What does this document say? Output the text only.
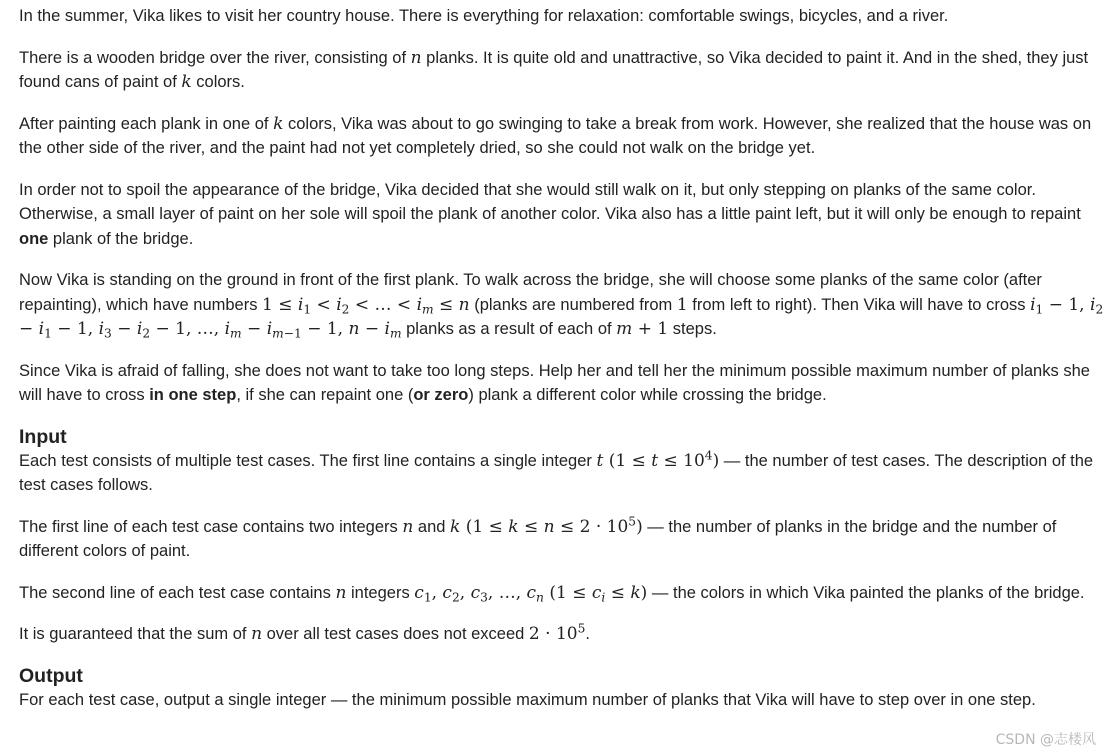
In the summer, Vika likes to visit her country house. There is everything for relaxation: comfortable swings, bicycles, and a river.

There is a wooden bridge over the river, consisting of n planks. It is quite old and unattractive, so Vika decided to paint it. And in the shed, they just found cans of paint of k colors.

After painting each plank in one of k colors, Vika was about to go swinging to take a break from work. However, she realized that the house was on the other side of the river, and the paint had not yet completely dried, so she could not walk on the bridge yet.

In order not to spoil the appearance of the bridge, Vika decided that she would still walk on it, but only stepping on planks of the same color. Otherwise, a small layer of paint on her sole will spoil the plank of another color. Vika also has a little paint left, but it will only be enough to repaint one plank of the bridge.

Now Vika is standing on the ground in front of the first plank. To walk across the bridge, she will choose some planks of the same color (after repainting), which have numbers $1 \le i_1 < i_2$ < … < $i_m \le n$ (planks are numbered from 1 from left to right). Then Vika will have to cross $i_1 - 1$, $i_2 - i_1 - 1$, $i_3 - i_2 - 1$, …, $i_m - i_{m-1} - 1$, $n - i_m$ planks as a result of each of m + 1 steps.

Since Vika is afraid of falling, she does not want to take too long steps. Help her and tell her the minimum possible maximum number of planks she will have to cross in one step, if she can repaint one (or zero) plank a different color while crossing the bridge.

Input

Each test consists of multiple test cases. The first line contains a single integer t $(1 \le t \le 10^4)$ — the number of test cases. The description of the test cases follows.

The first line of each test case contains two integers n and k $(1 \le k \le n \le 2 \cdot 10^5)$ — the number of planks in the bridge and the number of different colors of paint.

The second line of each test case contains n integers $c_1$, $c_2$, $c_3$, …, $c_n$ $(1 \le c_i \le k)$ — the colors in which Vika painted the planks of the bridge.

It is guaranteed that the sum of n over all test cases does not exceed $2 \cdot 10^5$.

Output

For each test case, output a single integer — the minimum possible maximum number of planks that Vika will have to step over in one step.

CSDN @志楼风
